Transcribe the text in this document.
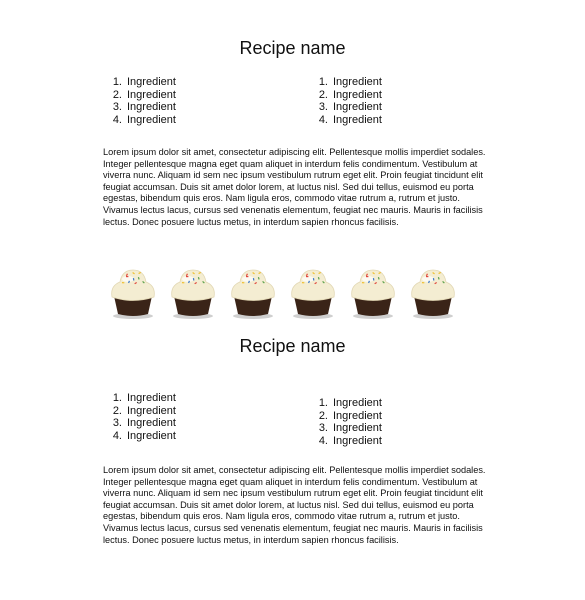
Recipe name
1. Ingredient
2. Ingredient
3. Ingredient
4. Ingredient
1. Ingredient
2. Ingredient
3. Ingredient
4. Ingredient

Lorem ipsum dolor sit amet, consectetur adipiscing elit. Pellentesque mollis imperdiet sodales. Integer pellentesque magna eget quam aliquet in interdum felis condimentum. Vestibulum at viverra nunc. Aliquam id sem nec ipsum vestibulum rutrum eget elit. Proin feugiat tincidunt elit feugiat accumsan. Duis sit amet dolor lorem, at luctus nisl. Sed dui tellus, euismod eu porta egestas, bibendum quis eros. Nam ligula eros, commodo vitae rutrum a, rutrum et justo. Vivamus lectus lacus, cursus sed venenatis elementum, feugiat nec mauris. Mauris in facilisis lectus. Donec posuere luctus metus, in interdum sapien rhoncus facilisis.

Recipe name
1. Ingredient
2. Ingredient
3. Ingredient
4. Ingredient
1. Ingredient
2. Ingredient
3. Ingredient
4. Ingredient

Lorem ipsum dolor sit amet, consectetur adipiscing elit. Pellentesque mollis imperdiet sodales. Integer pellentesque magna eget quam aliquet in interdum felis condimentum. Vestibulum at viverra nunc. Aliquam id sem nec ipsum vestibulum rutrum eget elit. Proin feugiat tincidunt elit feugiat accumsan. Duis sit amet dolor lorem, at luctus nisl. Sed dui tellus, euismod eu porta egestas, bibendum quis eros. Nam ligula eros, commodo vitae rutrum a, rutrum et justo. Vivamus lectus lacus, cursus sed venenatis elementum, feugiat nec mauris. Mauris in facilisis lectus. Donec posuere luctus metus, in interdum sapien rhoncus facilisis.
